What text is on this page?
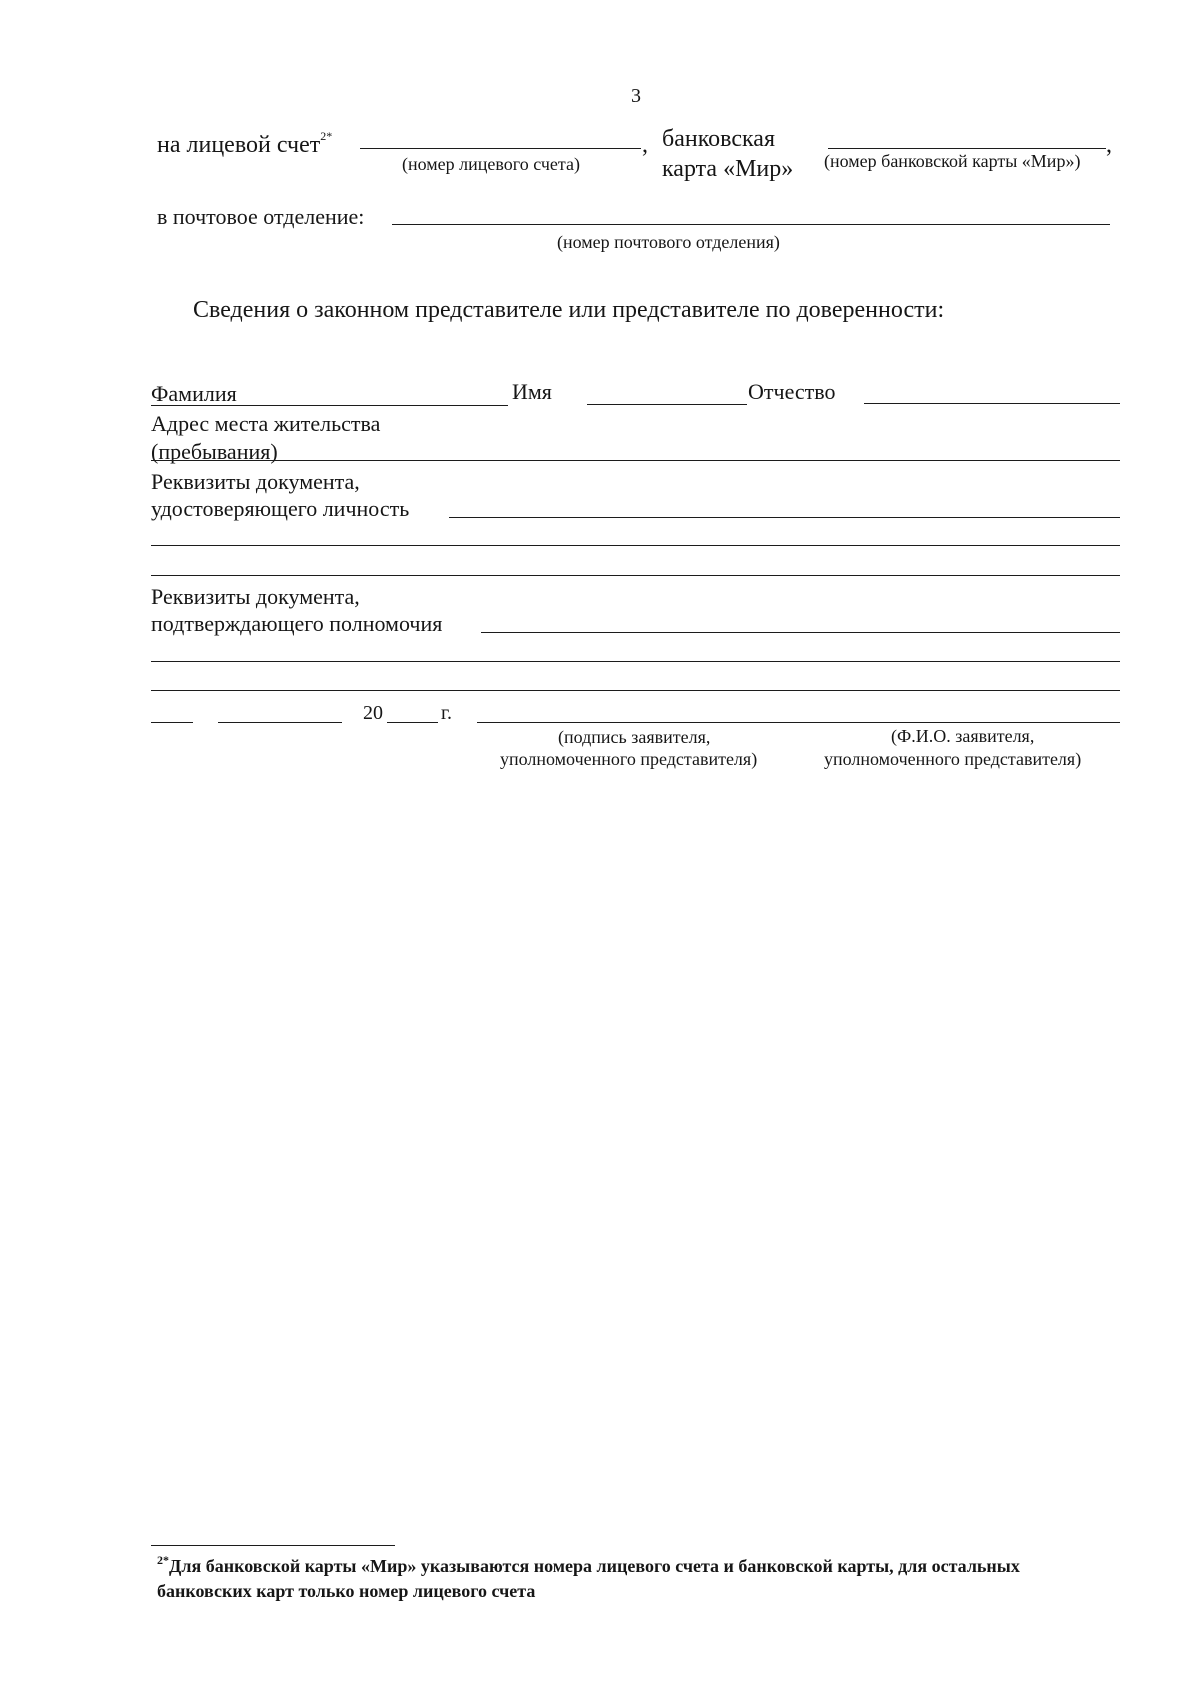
3
на лицевой счет$^{2*}$	,
(номер лицевого счета)
банковская
карта «Мир»
,
(номер банковской карты «Мир»)
в почтовое отделение:
(номер почтового отделения)
Сведения о законном представителе или представителе по доверенности:
Фамилия	Имя	Отчество
Адрес места жительства
(пребывания)
Реквизиты документа,
удостоверяющего личность
Реквизиты документа,
подтверждающего полномочия
20	г.
(подпись заявителя,
уполномоченного представителя)
(Ф.И.О. заявителя,
уполномоченного представителя)
$^{2*}$Для банковской карты «Мир» указываются номера лицевого счета и банковской карты, для остальных
банковских карт только номер лицевого счета
